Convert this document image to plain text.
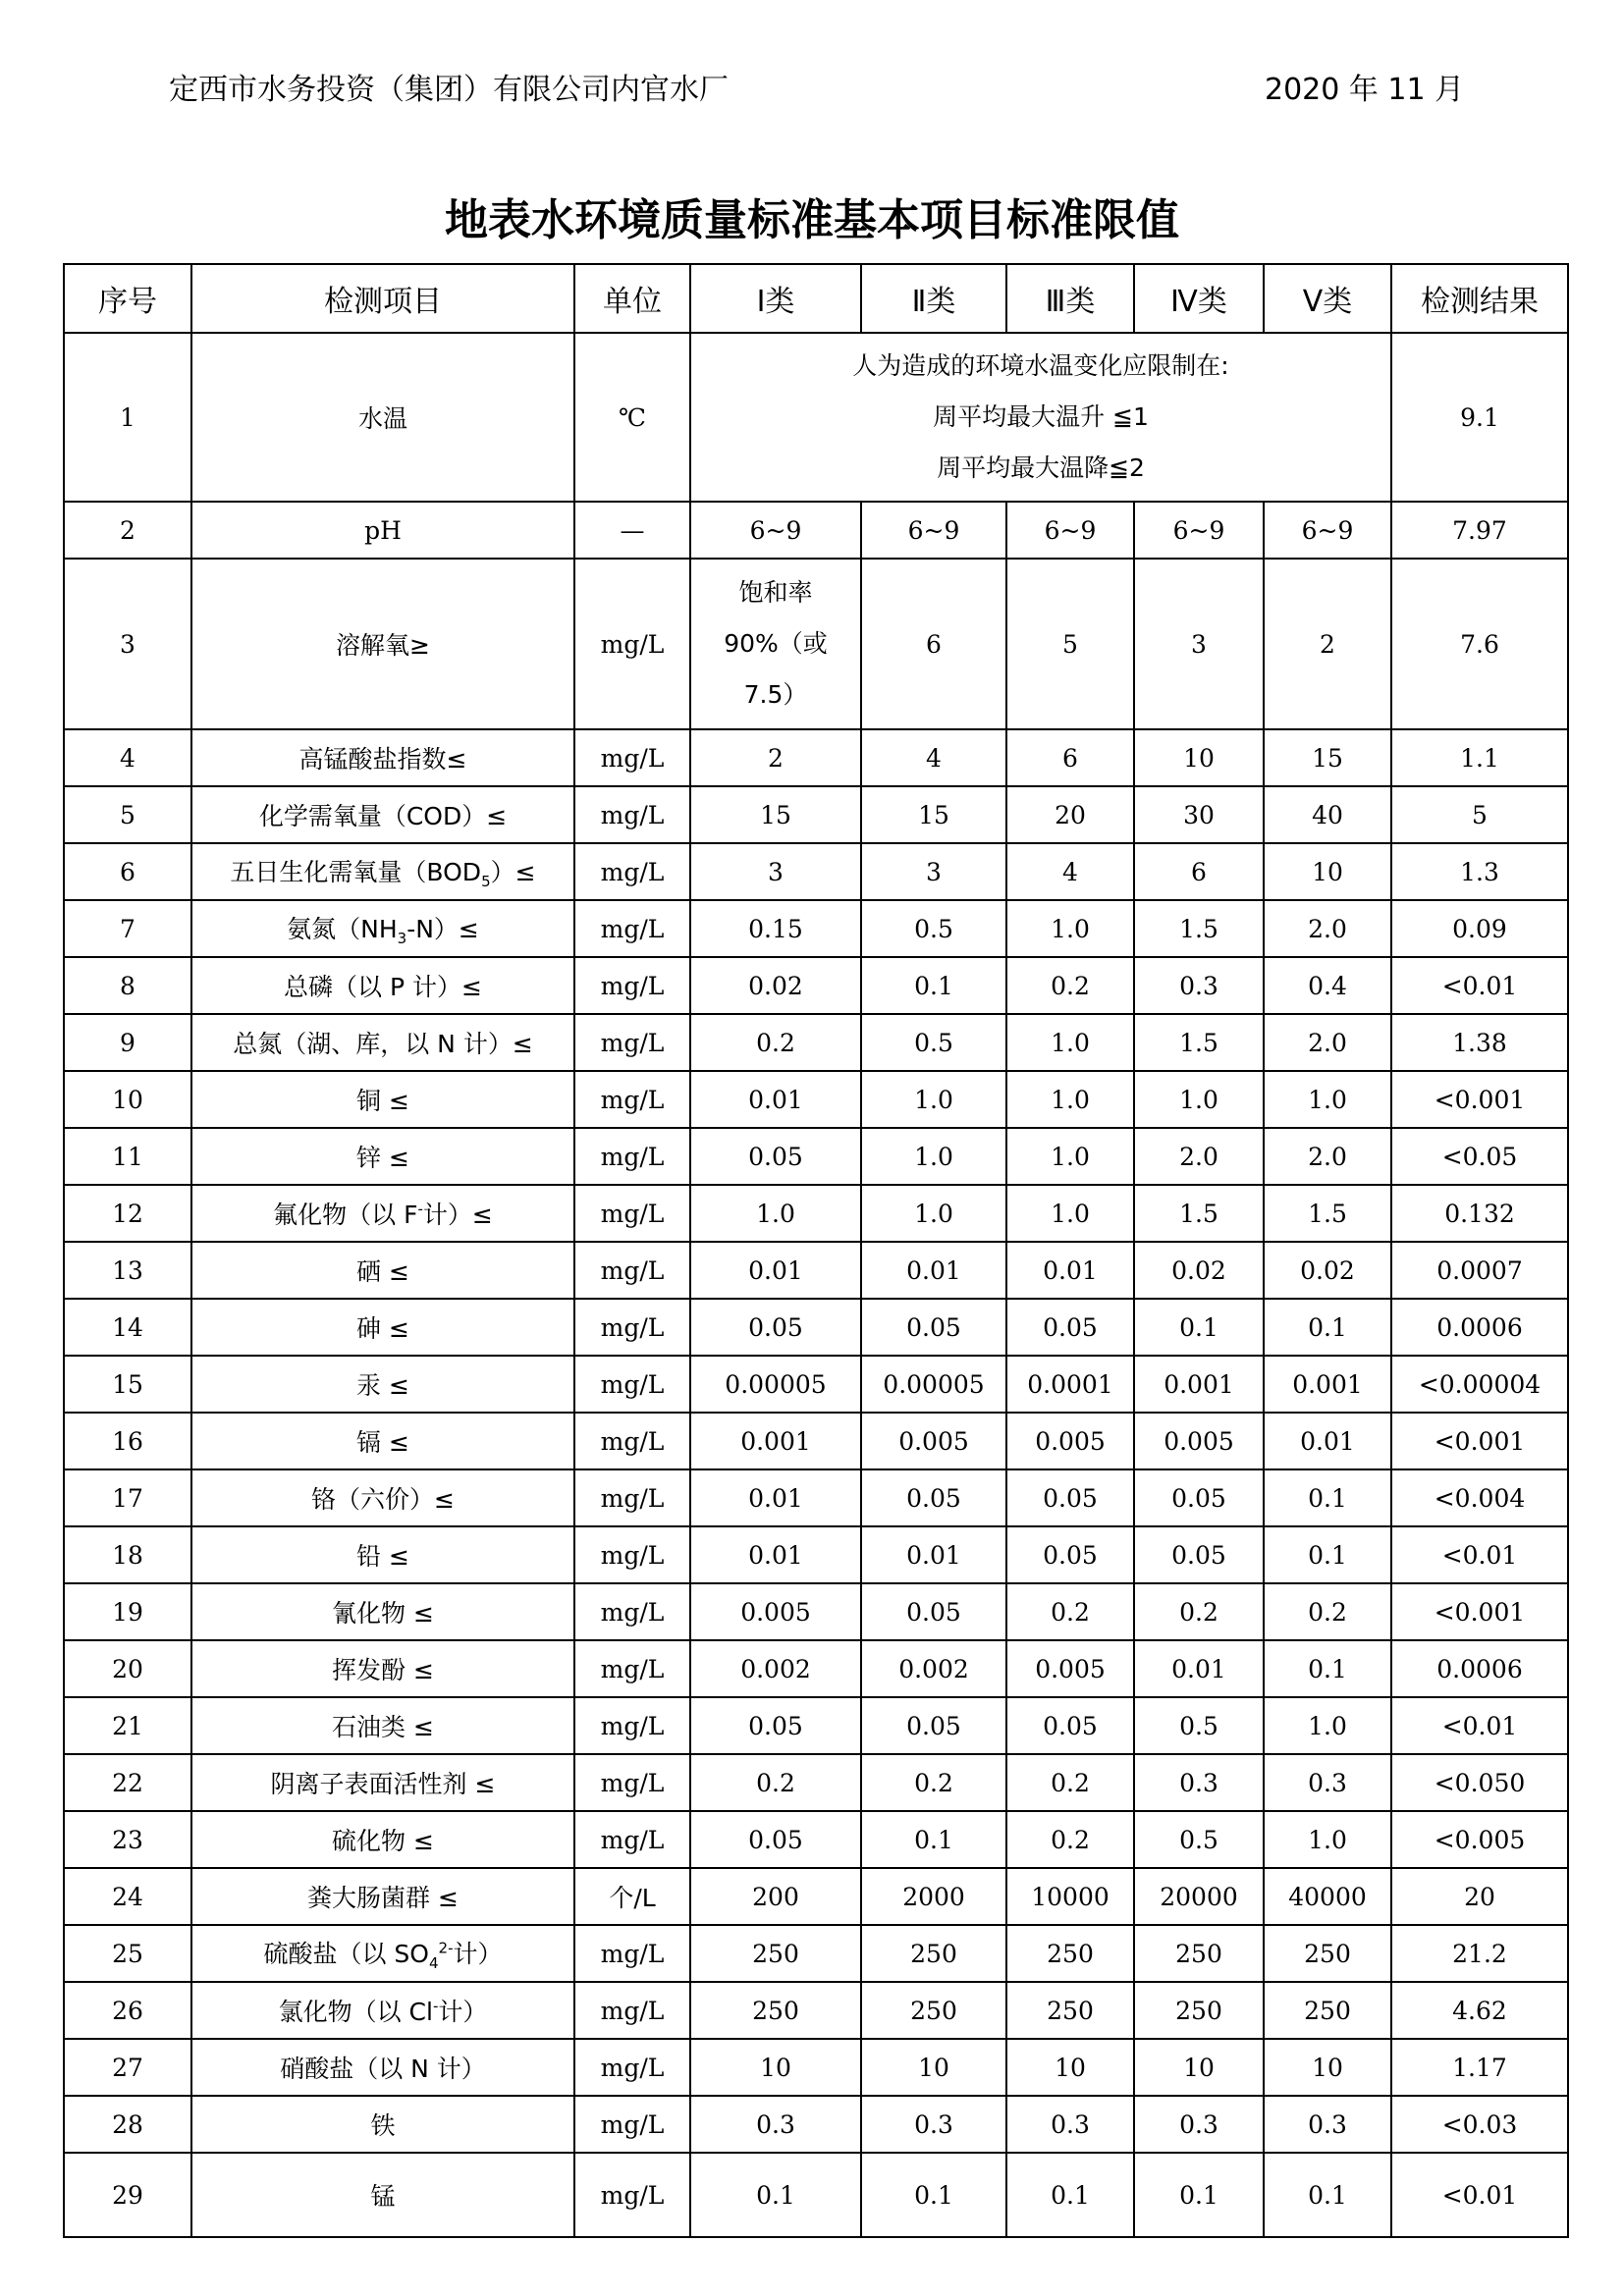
定西市水务投资（集团）有限公司内官水厂	2020 年 11 月
地表水环境质量标准基本项目标准限值
序号	检测项目	单位	Ⅰ类	Ⅱ类	Ⅲ类	Ⅳ类	Ⅴ类	检测结果
1	水温	℃	人为造成的环境水温变化应限制在:
周平均最大温升 ≦1
周平均最大温降≦2					9.1
2	pH	—	6~9	6~9	6~9	6~9	6~9	7.97
3	溶解氧≥	mg/L	饱和率
90%（或
7.5）	6	5	3	2	7.6
4	高锰酸盐指数≤	mg/L	2	4	6	10	15	1.1
5	化学需氧量（COD）≤	mg/L	15	15	20	30	40	5
6	五日生化需氧量$(BOD_5)\le$	mg/L	3	3	4	6	10	1.3
7	氨氮$(NH_3-N)\le$	mg/L	0.15	0.5	1.0	1.5	2.0	0.09
8	总磷（以 P 计）≤	mg/L	0.02	0.1	0.2	0.3	0.4	<0.01
9	总氮（湖、库，以 N 计）≤	mg/L	0.2	0.5	1.0	1.5	2.0	1.38
10	铜 ≤	mg/L	0.01	1.0	1.0	1.0	1.0	<0.001
11	锌 ≤	mg/L	0.05	1.0	1.0	2.0	2.0	<0.05
12	氟化物（以 F-计）≤	mg/L	1.0	1.0	1.0	1.5	1.5	0.132
13	硒 ≤	mg/L	0.01	0.01	0.01	0.02	0.02	0.0007
14	砷 ≤	mg/L	0.05	0.05	0.05	0.1	0.1	0.0006
15	汞 ≤	mg/L	0.00005	0.00005	0.0001	0.001	0.001	<0.00004
16	镉 ≤	mg/L	0.001	0.005	0.005	0.005	0.01	<0.001
17	铬（六价）≤	mg/L	0.01	0.05	0.05	0.05	0.1	<0.004
18	铅 ≤	mg/L	0.01	0.01	0.05	0.05	0.1	<0.01
19	氰化物 ≤	mg/L	0.005	0.05	0.2	0.2	0.2	<0.001
20	挥发酚 ≤	mg/L	0.002	0.002	0.005	0.01	0.1	0.0006
21	石油类 ≤	mg/L	0.05	0.05	0.05	0.5	1.0	<0.01
22	阴离子表面活性剂 ≤	mg/L	0.2	0.2	0.2	0.3	0.3	<0.050
23	硫化物 ≤	mg/L	0.05	0.1	0.2	0.5	1.0	<0.005
24	粪大肠菌群 ≤	个/L	200	2000	10000	20000	40000	20
25	硫酸盐（以 $SO_4^{2-}$计）	mg/L	250	250	250	250	250	21.2
26	氯化物（以 Cl-计）	mg/L	250	250	250	250	250	4.62
27	硝酸盐（以 N 计）	mg/L	10	10	10	10	10	1.17
28	铁	mg/L	0.3	0.3	0.3	0.3	0.3	<0.03
29	锰	mg/L	0.1	0.1	0.1	0.1	0.1	<0.01
